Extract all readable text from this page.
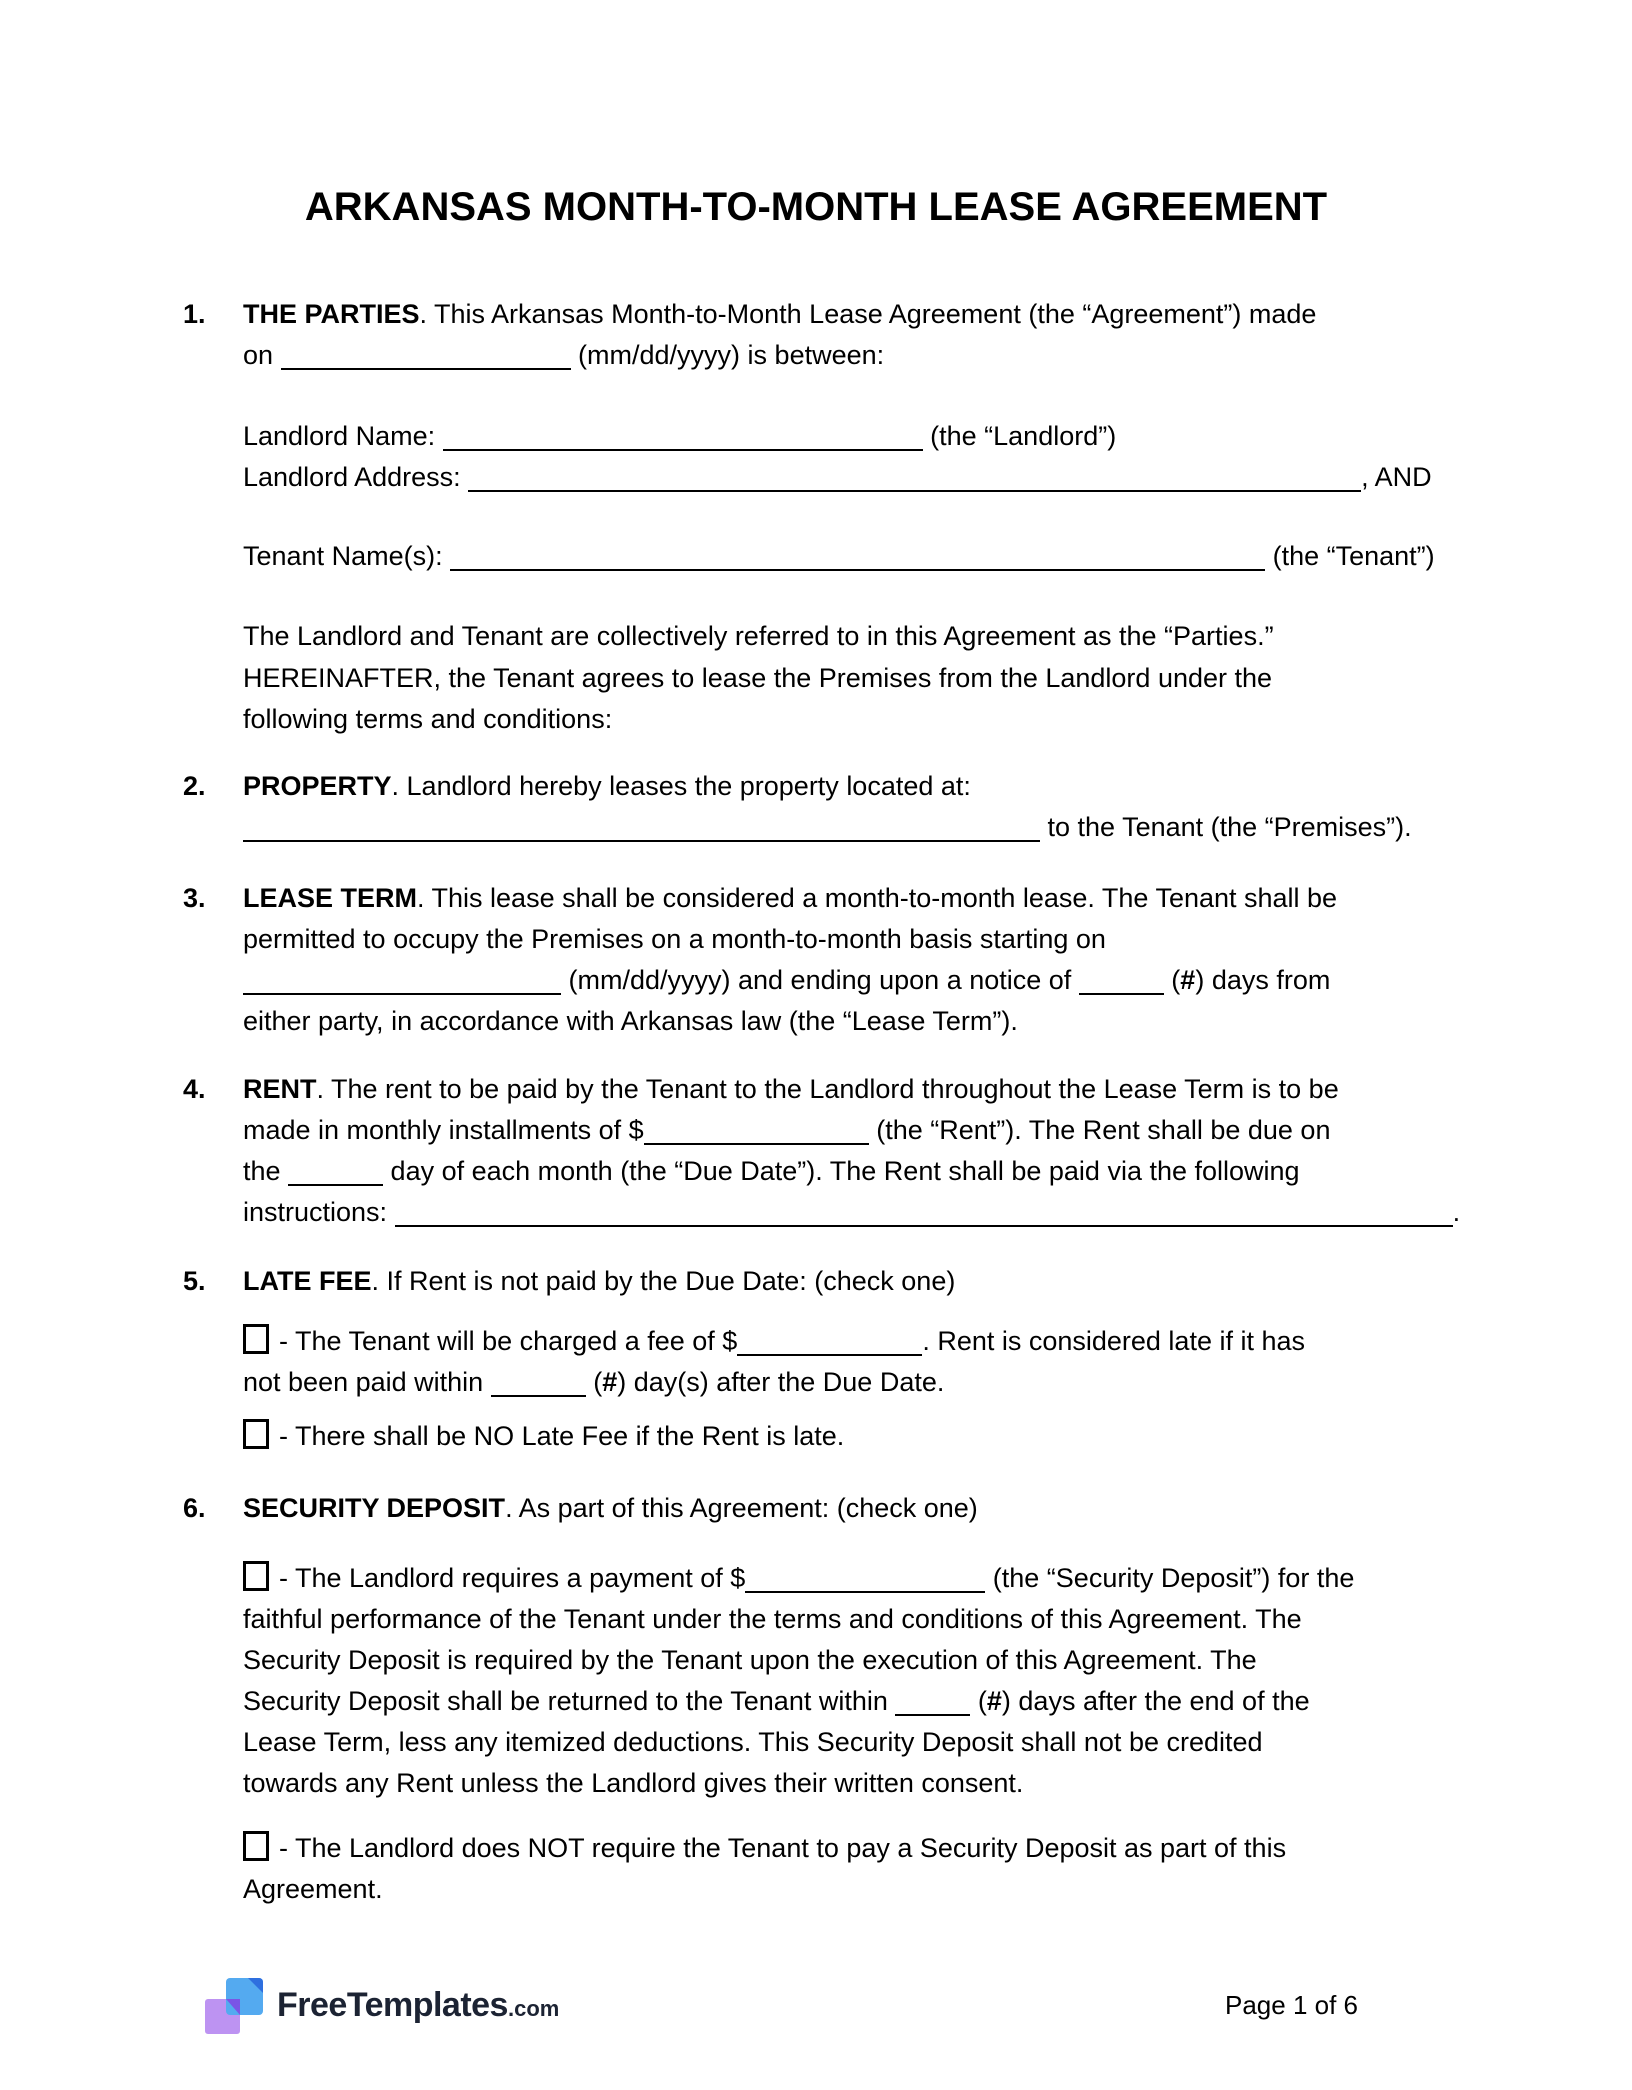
ARKANSAS MONTH-TO-MONTH LEASE AGREEMENT
1. THE PARTIES. This Arkansas Month-to-Month Lease Agreement (the “Agreement”) made
on	(mm/dd/yyyy) is between:
Landlord Name:	(the “Landlord”)
Landlord Address:	, AND
Tenant Name(s):	(the “Tenant”)
The Landlord and Tenant are collectively referred to in this Agreement as the “Parties.”
HEREINAFTER, the Tenant agrees to lease the Premises from the Landlord under the
following terms and conditions:
2. PROPERTY. Landlord hereby leases the property located at:
to the Tenant (the “Premises”).
3. LEASE TERM. This lease shall be considered a month-to-month lease. The Tenant shall be
permitted to occupy the Premises on a month-to-month basis starting on
(mm/dd/yyyy) and ending upon a notice of	(#) days from
either party, in accordance with Arkansas law (the “Lease Term”).
4. RENT. The rent to be paid by the Tenant to the Landlord throughout the Lease Term is to be
made in monthly installments of $	(the “Rent”). The Rent shall be due on
the	day of each month (the “Due Date”). The Rent shall be paid via the following
instructions:	.
5. LATE FEE. If Rent is not paid by the Due Date: (check one)
- The Tenant will be charged a fee of $	. Rent is considered late if it has
not been paid within	(#) day(s) after the Due Date.
- There shall be NO Late Fee if the Rent is late.
6. SECURITY DEPOSIT. As part of this Agreement: (check one)
- The Landlord requires a payment of $	(the “Security Deposit”) for the
faithful performance of the Tenant under the terms and conditions of this Agreement. The
Security Deposit is required by the Tenant upon the execution of this Agreement. The
Security Deposit shall be returned to the Tenant within	(#) days after the end of the
Lease Term, less any itemized deductions. This Security Deposit shall not be credited
towards any Rent unless the Landlord gives their written consent.
- The Landlord does NOT require the Tenant to pay a Security Deposit as part of this
Agreement.
FreeTemplates.com	Page 1 of 6
